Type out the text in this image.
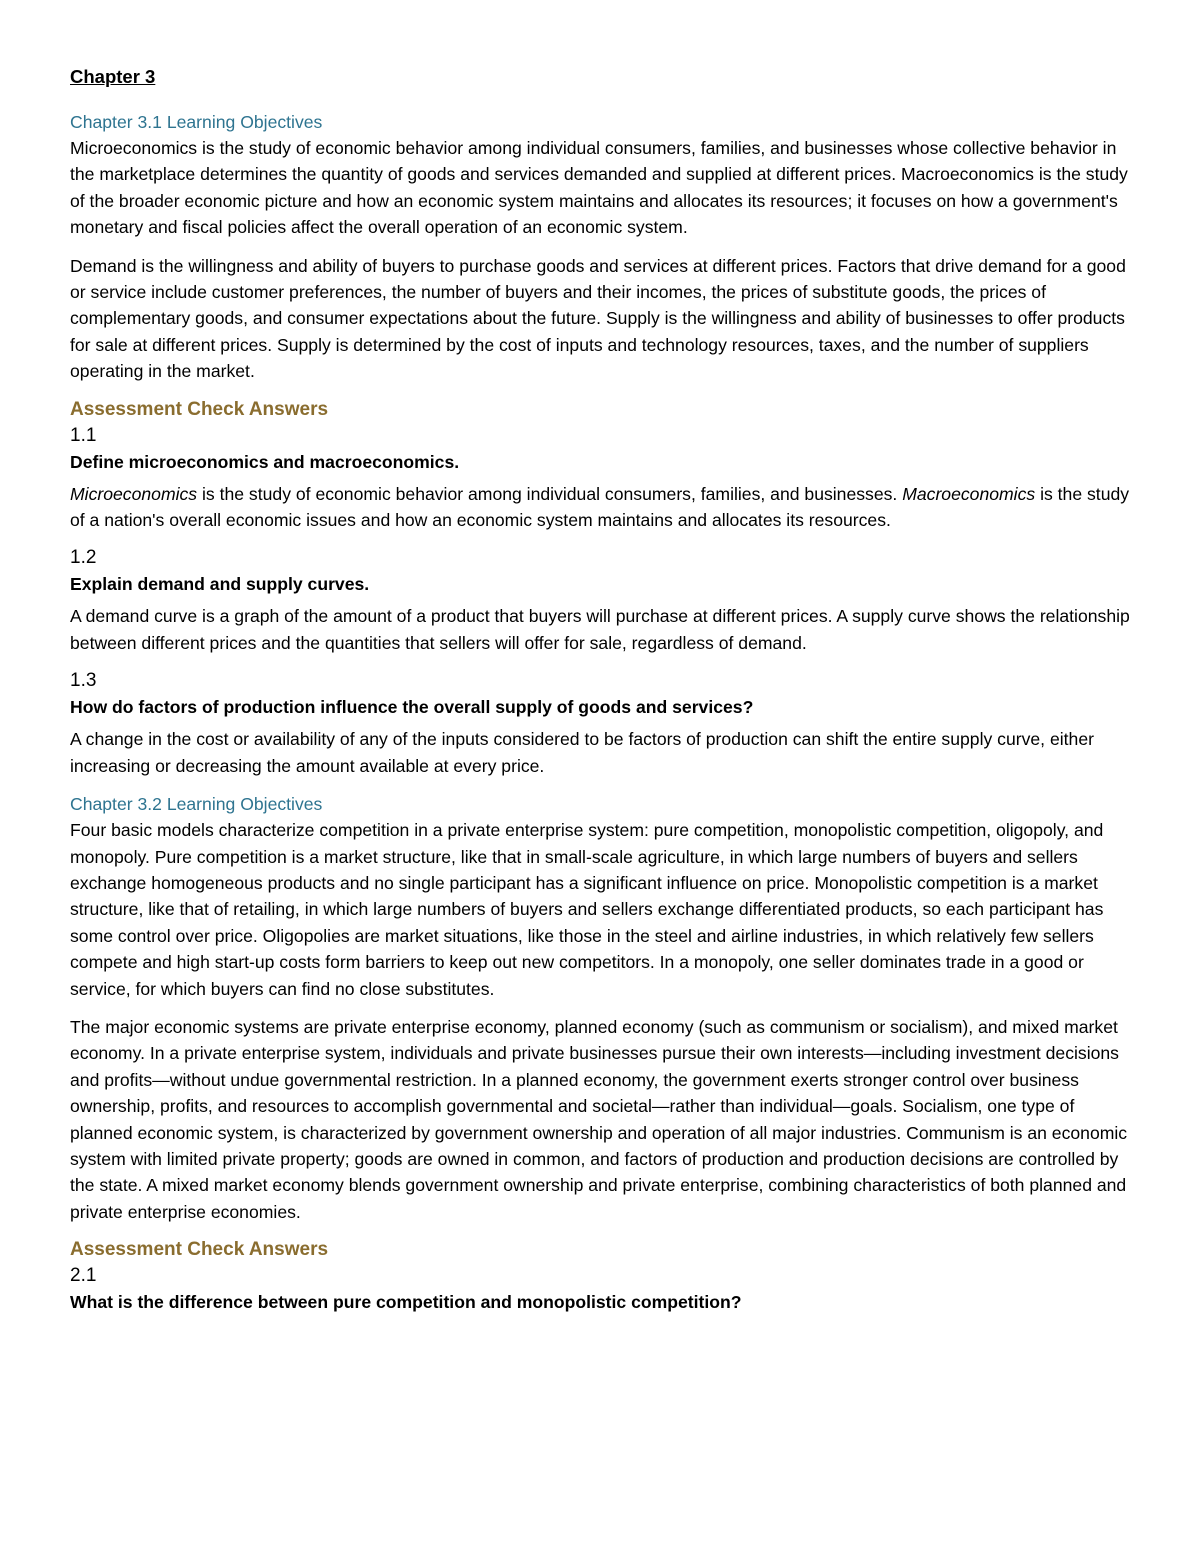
Chapter 3
Chapter 3.1 Learning Objectives

Microeconomics is the study of economic behavior among individual consumers, families, and businesses whose collective behavior in the marketplace determines the quantity of goods and services demanded and supplied at different prices. Macroeconomics is the study of the broader economic picture and how an economic system maintains and allocates its resources; it focuses on how a government's monetary and fiscal policies affect the overall operation of an economic system.

Demand is the willingness and ability of buyers to purchase goods and services at different prices. Factors that drive demand for a good or service include customer preferences, the number of buyers and their incomes, the prices of substitute goods, the prices of complementary goods, and consumer expectations about the future. Supply is the willingness and ability of businesses to offer products for sale at different prices. Supply is determined by the cost of inputs and technology resources, taxes, and the number of suppliers operating in the market.

Assessment Check Answers
1.1
Define microeconomics and macroeconomics.

Microeconomics is the study of economic behavior among individual consumers, families, and businesses. Macroeconomics is the study of a nation's overall economic issues and how an economic system maintains and allocates its resources.

1.2
Explain demand and supply curves.

A demand curve is a graph of the amount of a product that buyers will purchase at different prices. A supply curve shows the relationship between different prices and the quantities that sellers will offer for sale, regardless of demand.

1.3
How do factors of production influence the overall supply of goods and services?

A change in the cost or availability of any of the inputs considered to be factors of production can shift the entire supply curve, either increasing or decreasing the amount available at every price.

Chapter 3.2 Learning Objectives

Four basic models characterize competition in a private enterprise system: pure competition, monopolistic competition, oligopoly, and monopoly. Pure competition is a market structure, like that in small-scale agriculture, in which large numbers of buyers and sellers exchange homogeneous products and no single participant has a significant influence on price. Monopolistic competition is a market structure, like that of retailing, in which large numbers of buyers and sellers exchange differentiated products, so each participant has some control over price. Oligopolies are market situations, like those in the steel and airline industries, in which relatively few sellers compete and high start-up costs form barriers to keep out new competitors. In a monopoly, one seller dominates trade in a good or service, for which buyers can find no close substitutes.

The major economic systems are private enterprise economy, planned economy (such as communism or socialism), and mixed market economy. In a private enterprise system, individuals and private businesses pursue their own interests—including investment decisions and profits—without undue governmental restriction. In a planned economy, the government exerts stronger control over business ownership, profits, and resources to accomplish governmental and societal—rather than individual—goals. Socialism, one type of planned economic system, is characterized by government ownership and operation of all major industries. Communism is an economic system with limited private property; goods are owned in common, and factors of production and production decisions are controlled by the state. A mixed market economy blends government ownership and private enterprise, combining characteristics of both planned and private enterprise economies.

Assessment Check Answers
2.1
What is the difference between pure competition and monopolistic competition?
